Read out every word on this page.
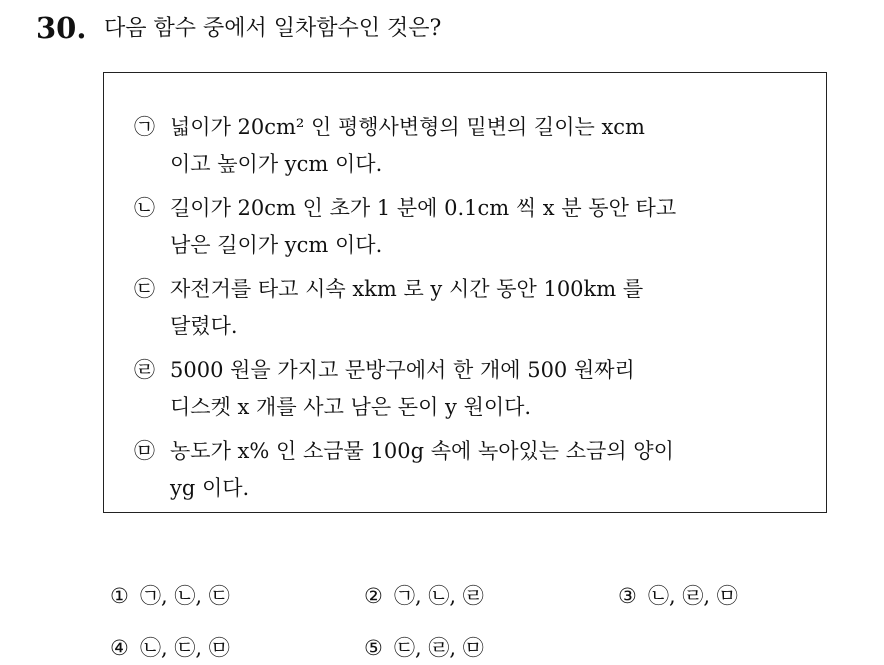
30. 다음 함수 중에서 일차함수인 것은?
㉠ 넓이가 20cm² 인 평행사변형의 밑변의 길이는 xcm
이고 높이가 ycm 이다.
㉡ 길이가 20cm 인 초가 1 분에 0.1cm 씩 x 분 동안 타고
남은 길이가 ycm 이다.
㉢ 자전거를 타고 시속 xkm 로 y 시간 동안 100km 를
달렸다.
㉣ 5000 원을 가지고 문방구에서 한 개에 500 원짜리
디스켓 x 개를 사고 남은 돈이 y 원이다.
㉤ 농도가 x% 인 소금물 100g 속에 녹아있는 소금의 양이
yg 이다.
① ㉠, ㉡, ㉢	② ㉠, ㉡, ㉣	③ ㉡, ㉣, ㉤
④ ㉡, ㉢, ㉤	⑤ ㉢, ㉣, ㉤
